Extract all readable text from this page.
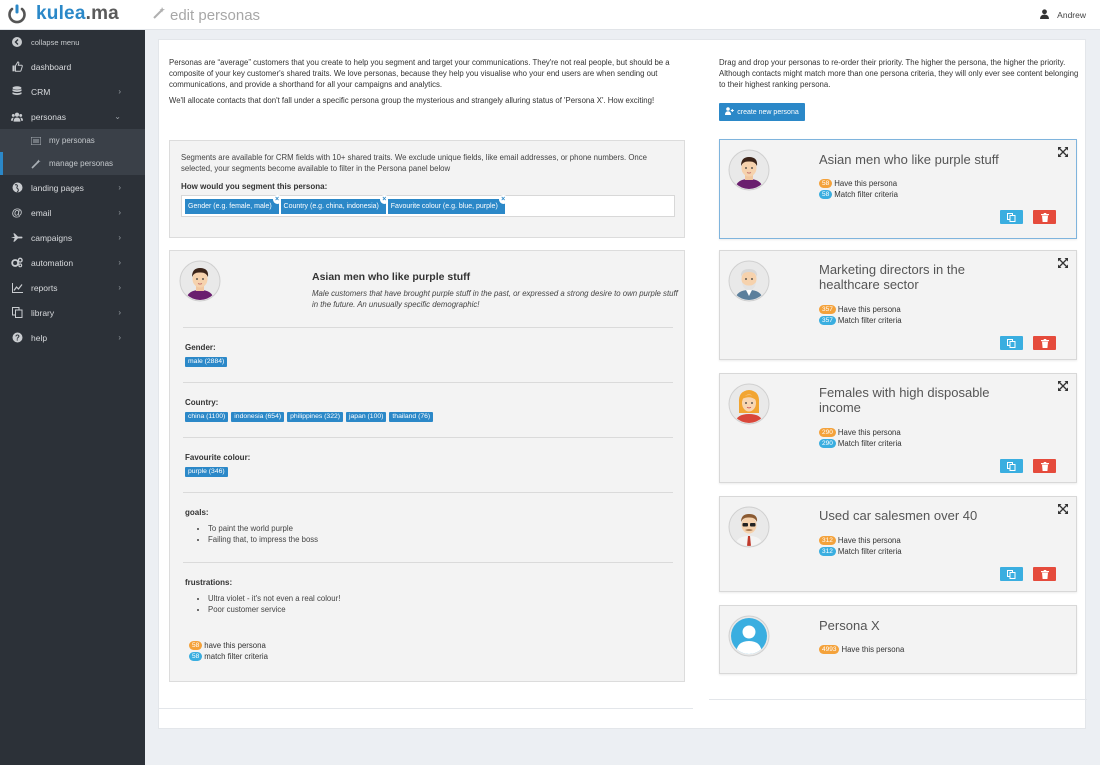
kulea.ma	edit personas	Andrew
collapse menu
dashboard
CRM	›
personas	⌄
my personas
manage personas
landing pages	›
@ email	›
campaigns	›
automation	›
reports	›
library	›
? help	›

Personas are “average” customers that you create to help you segment and target your communications. They're not real people, but should be a composite of your key customer's shared traits. We love personas, because they help you visualise who your end users are when sending out communications, and provide a shorthand for all your campaigns and analytics.

We'll allocate contacts that don't fall under a specific persona group the mysterious and strangely alluring status of 'Persona X'. How exciting!

Drag and drop your personas to re-order their priority. The higher the persona, the higher the priority. Although contacts might match more than one persona criteria, they will only ever see content belonging to their highest ranking persona.
create new persona
Segments are available for CRM fields with 10+ shared traits. We exclude unique fields, like email addresses, or phone numbers. Once selected, your segments become available to filter in the Persona panel below
How would you segment this persona:
Gender (e.g. female, male)

×
Country (e.g. china, indonesia)

×
Favourite colour (e.g. blue, purple)

×
Asian men who like purple stuff
Male customers that have brought purple stuff in the past, or expressed a strong desire to own purple stuff in the future. An unusually specific demographic!
Gender:
male (2884)
Country:
china (1100)	indonesia (654)	philippines (322)	japan (100)	thailand (76)
Favourite colour:
purple (346)
goals:
• To paint the world purple
• Failing that, to impress the boss
frustrations:
• Ultra violet - it's not even a real colour!
• Poor customer service
58 have this persona
58 match filter criteria
Asian men who like purple stuff
58 Have this persona
58 Match filter criteria
Marketing directors in the healthcare sector
357 Have this persona
357 Match filter criteria
Females with high disposable income
290 Have this persona
290 Match filter criteria
Used car salesmen over 40
312 Have this persona
312 Match filter criteria
Persona X
4993 Have this persona
